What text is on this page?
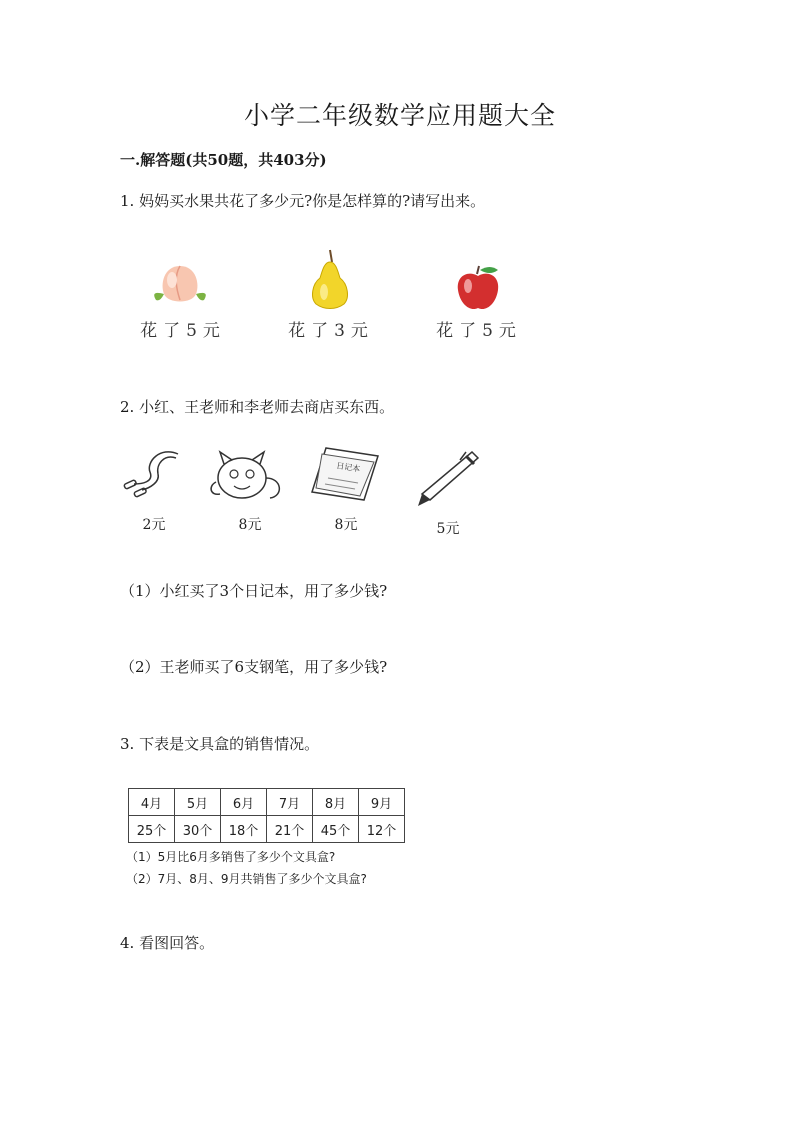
小学二年级数学应用题大全
一.解答题(共50题，共403分)
1. 妈妈买水果共花了多少元?你是怎样算的?请写出来。
花了5元	花了3元	花了5元
2. 小红、王老师和李老师去商店买东西。
2元	8元
日记本
8元	5元
（1）小红买了3个日记本，用了多少钱?
（2）王老师买了6支钢笔，用了多少钱?
3. 下表是文具盒的销售情况。
4月	5月	6月	7月	8月	9月
25个	30个	18个	21个	45个	12个
（1）5月比6月多销售了多少个文具盒?
（2）7月、8月、9月共销售了多少个文具盒?
4. 看图回答。
